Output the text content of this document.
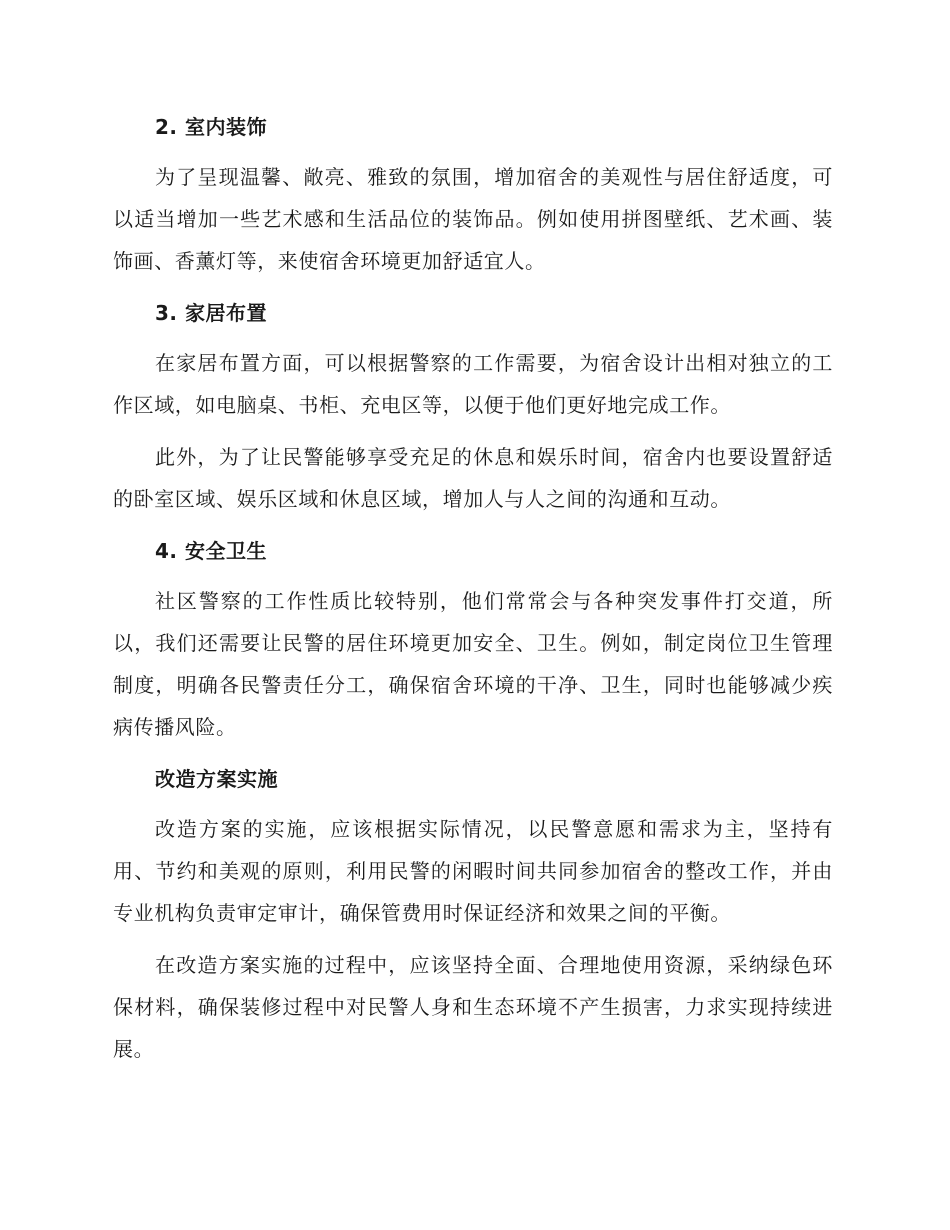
2. 室内装饰

为了呈现温馨、敞亮、雅致的氛围，增加宿舍的美观性与居住舒适度，可以适当增加一些艺术感和生活品位的装饰品。例如使用拼图壁纸、艺术画、装饰画、香薰灯等，来使宿舍环境更加舒适宜人。

3. 家居布置

在家居布置方面，可以根据警察的工作需要，为宿舍设计出相对独立的工作区域，如电脑桌、书柜、充电区等，以便于他们更好地完成工作。

此外，为了让民警能够享受充足的休息和娱乐时间，宿舍内也要设置舒适的卧室区域、娱乐区域和休息区域，增加人与人之间的沟通和互动。

4. 安全卫生

社区警察的工作性质比较特别，他们常常会与各种突发事件打交道，所以，我们还需要让民警的居住环境更加安全、卫生。例如，制定岗位卫生管理制度，明确各民警责任分工，确保宿舍环境的干净、卫生，同时也能够减少疾病传播风险。

改造方案实施

改造方案的实施，应该根据实际情况，以民警意愿和需求为主，坚持有用、节约和美观的原则，利用民警的闲暇时间共同参加宿舍的整改工作，并由专业机构负责审定审计，确保管费用时保证经济和效果之间的平衡。

在改造方案实施的过程中，应该坚持全面、合理地使用资源，采纳绿色环保材料，确保装修过程中对民警人身和生态环境不产生损害，力求实现持续进展。
